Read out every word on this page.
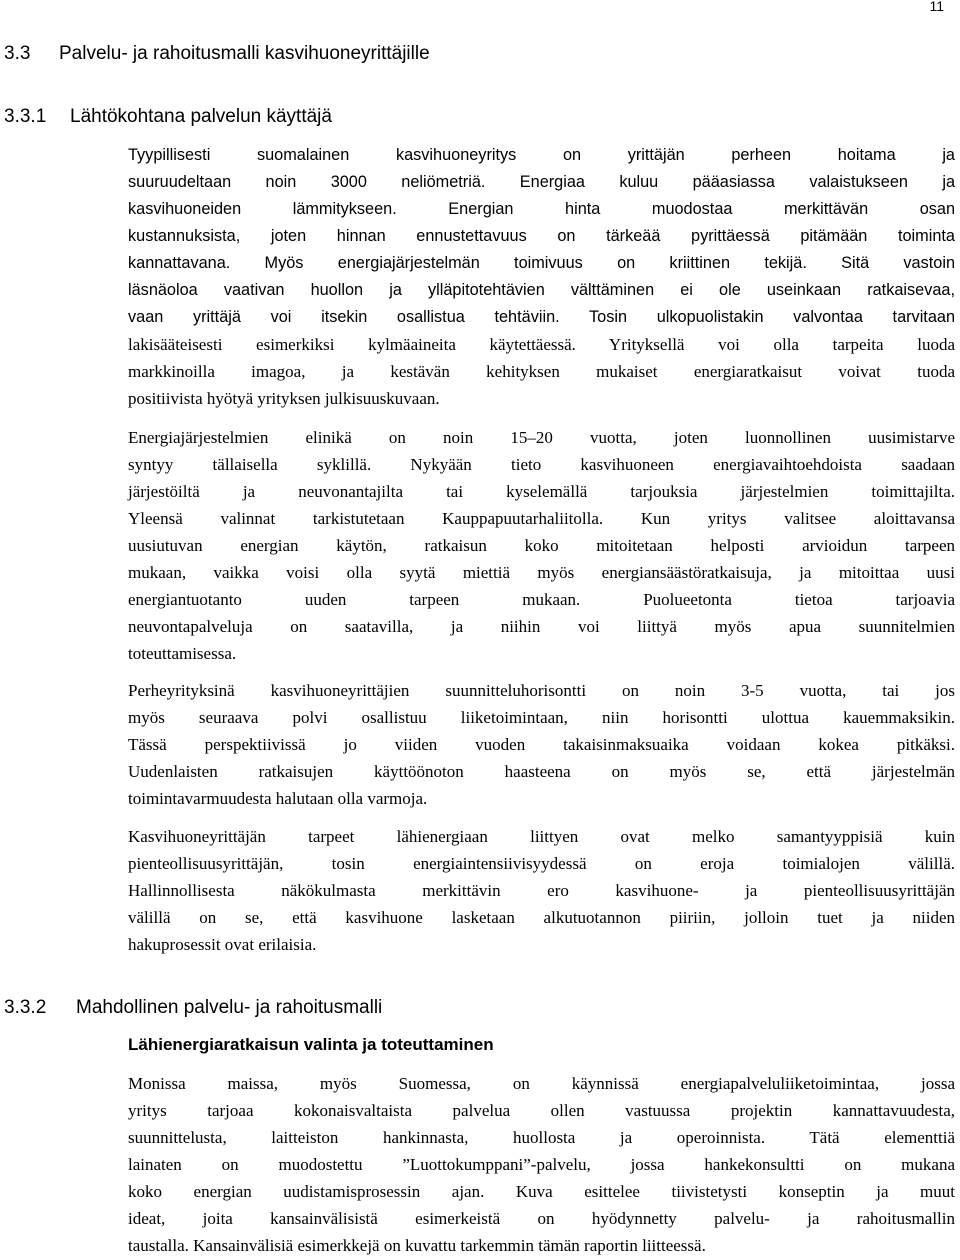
11
3.3 Palvelu- ja rahoitusmalli kasvihuoneyrittäjille
3.3.1 Lähtökohtana palvelun käyttäjä
Tyypillisesti suomalainen kasvihuoneyritys on yrittäjän perheen hoitama ja
suuruudeltaan noin 3000 neliömetriä. Energiaa kuluu pääasiassa valaistukseen ja
kasvihuoneiden lämmitykseen. Energian hinta muodostaa merkittävän osan
kustannuksista, joten hinnan ennustettavuus on tärkeää pyrittäessä pitämään toiminta
kannattavana. Myös energiajärjestelmän toimivuus on kriittinen tekijä. Sitä vastoin
läsnäoloa vaativan huollon ja ylläpitotehtävien välttäminen ei ole useinkaan ratkaisevaa,
vaan yrittäjä voi itsekin osallistua tehtäviin. Tosin ulkopuolistakin valvontaa tarvitaan
lakisääteisesti esimerkiksi kylmäaineita käytettäessä. Yrityksellä voi olla tarpeita luoda
markkinoilla imagoa, ja kestävän kehityksen mukaiset energiaratkaisut voivat tuoda
positiivista hyötyä yrityksen julkisuuskuvaan.
Energiajärjestelmien elinikä on noin 15–20 vuotta, joten luonnollinen uusimistarve
syntyy tällaisella syklillä. Nykyään tieto kasvihuoneen energiavaihtoehdoista saadaan
järjestöiltä ja neuvonantajilta tai kyselemällä tarjouksia järjestelmien toimittajilta.
Yleensä valinnat tarkistutetaan Kauppapuutarhaliitolla. Kun yritys valitsee aloittavansa
uusiutuvan energian käytön, ratkaisun koko mitoitetaan helposti arvioidun tarpeen
mukaan, vaikka voisi olla syytä miettiä myös energiansäästöratkaisuja, ja mitoittaa uusi
energiantuotanto uuden tarpeen mukaan. Puolueetonta tietoa tarjoavia
neuvontapalveluja on saatavilla, ja niihin voi liittyä myös apua suunnitelmien
toteuttamisessa.
Perheyrityksinä kasvihuoneyrittäjien suunnitteluhorisontti on noin 3-5 vuotta, tai jos
myös seuraava polvi osallistuu liiketoimintaan, niin horisontti ulottua kauemmaksikin.
Tässä perspektiivissä jo viiden vuoden takaisinmaksuaika voidaan kokea pitkäksi.
Uudenlaisten ratkaisujen käyttöönoton haasteena on myös se, että järjestelmän
toimintavarmuudesta halutaan olla varmoja.
Kasvihuoneyrittäjän tarpeet lähienergiaan liittyen ovat melko samantyyppisiä kuin
pienteollisuusyrittäjän, tosin energiaintensiivisyydessä on eroja toimialojen välillä.
Hallinnollisesta näkökulmasta merkittävin ero kasvihuone- ja pienteollisuusyrittäjän
välillä on se, että kasvihuone lasketaan alkutuotannon piiriin, jolloin tuet ja niiden
hakuprosessit ovat erilaisia.
3.3.2 Mahdollinen palvelu- ja rahoitusmalli
Lähienergiaratkaisun valinta ja toteuttaminen
Monissa maissa, myös Suomessa, on käynnissä energiapalveluliiketoimintaa, jossa
yritys tarjoaa kokonaisvaltaista palvelua ollen vastuussa projektin kannattavuudesta,
suunnittelusta, laitteiston hankinnasta, huollosta ja operoinnista. Tätä elementtiä
lainaten on muodostettu ”Luottokumppani”-palvelu, jossa hankekonsultti on mukana
koko energian uudistamisprosessin ajan. Kuva esittelee tiivistetysti konseptin ja muut
ideat, joita kansainvälisistä esimerkeistä on hyödynnetty palvelu- ja rahoitusmallin
taustalla. Kansainvälisiä esimerkkejä on kuvattu tarkemmin tämän raportin liitteessä.
